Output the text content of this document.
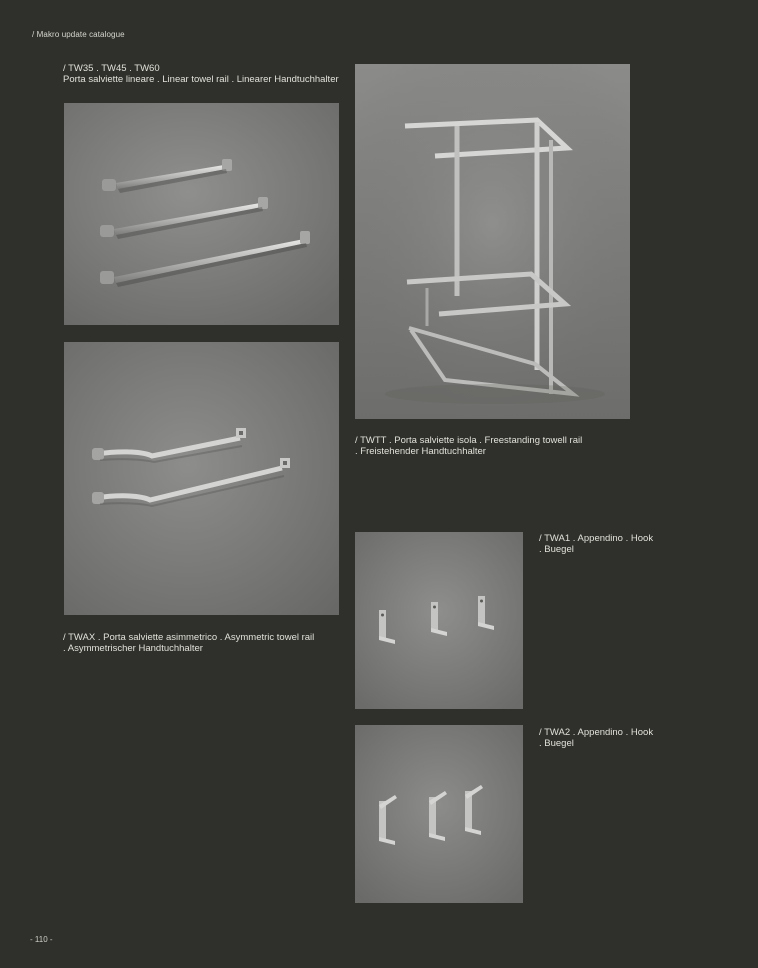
/ Makro update catalogue
/ TW35 . TW45 . TW60
Porta salviette lineare . Linear towel rail . Linearer Handtuchhalter
/ TWTT . Porta salviette isola . Freestanding towell rail
. Freistehender Handtuchhalter
/ TWAX . Porta salviette asimmetrico . Asymmetric towel rail
. Asymmetrischer Handtuchhalter
/ TWA1 . Appendino . Hook
. Buegel
/ TWA2 . Appendino . Hook
. Buegel
- 110 -
